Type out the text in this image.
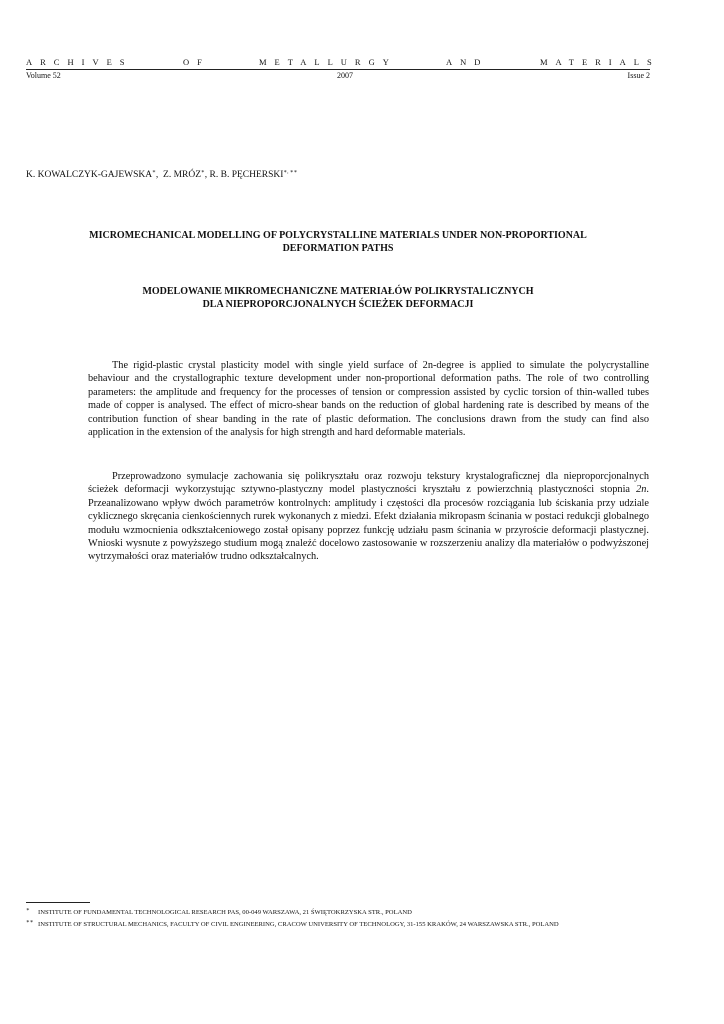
ARCHIVES	OF	METALLURGY	AND	MATERIALS
Volume 52	2007	Issue 2
K. KOWALCZYK-GAJEWSKA∗,  Z. MRÓZ∗, R. B. PĘCHERSKI∗, ∗∗
MICROMECHANICAL MODELLING OF POLYCRYSTALLINE MATERIALS UNDER NON-PROPORTIONAL
DEFORMATION PATHS
MODELOWANIE MIKROMECHANICZNE MATERIAŁÓW POLIKRYSTALICZNYCH
DLA NIEPROPORCJONALNYCH ŚCIEŻEK DEFORMACJI

The rigid-plastic crystal plasticity model with single yield surface of 2n-degree is applied to simulate the polycrystalline behaviour and the crystallographic texture development under non-proportional deformation paths. The role of two controlling parameters: the amplitude and frequency for the processes of tension or compression assisted by cyclic torsion of thin-walled tubes made of copper is analysed. The effect of micro-shear bands on the reduction of global hardening rate is described by means of the contribution function of shear banding in the rate of plastic deformation. The conclusions drawn from the study can find also application in the extension of the analysis for high strength and hard deformable materials.

Przeprowadzono symulacje zachowania się polikryształu oraz rozwoju tekstury krystalograficznej dla nieproporcjonalnych ścieżek deformacji wykorzystując sztywno-plastyczny model plastyczności kryształu z powierzchnią plastyczności stopnia 2n. Przeanalizowano wpływ dwóch parametrów kontrolnych: amplitudy i częstości dla procesów rozciągania lub ściskania przy udziale cyklicznego skręcania cienkościennych rurek wykonanych z miedzi. Efekt działania mikropasm ścinania w postaci redukcji globalnego modułu wzmocnienia odkształceniowego został opisany poprzez funkcję udziału pasm ścinania w przyroście deformacji plastycznej. Wnioski wysnute z powyższego studium mogą znaleźć docelowo zastosowanie w rozszerzeniu analizy dla materiałów o podwyższonej wytrzymałości oraz materiałów trudno odkształcalnych.

∗ INSTITUTE OF FUNDAMENTAL TECHNOLOGICAL RESEARCH PAS, 00-049 WARSZAWA, 21 ŚWIĘTOKRZYSKA STR., POLAND
∗∗ INSTITUTE OF STRUCTURAL MECHANICS, FACULTY OF CIVIL ENGINEERING, CRACOW UNIVERSITY OF TECHNOLOGY, 31-155 KRAKÓW, 24 WARSZAWSKA STR., POLAND
